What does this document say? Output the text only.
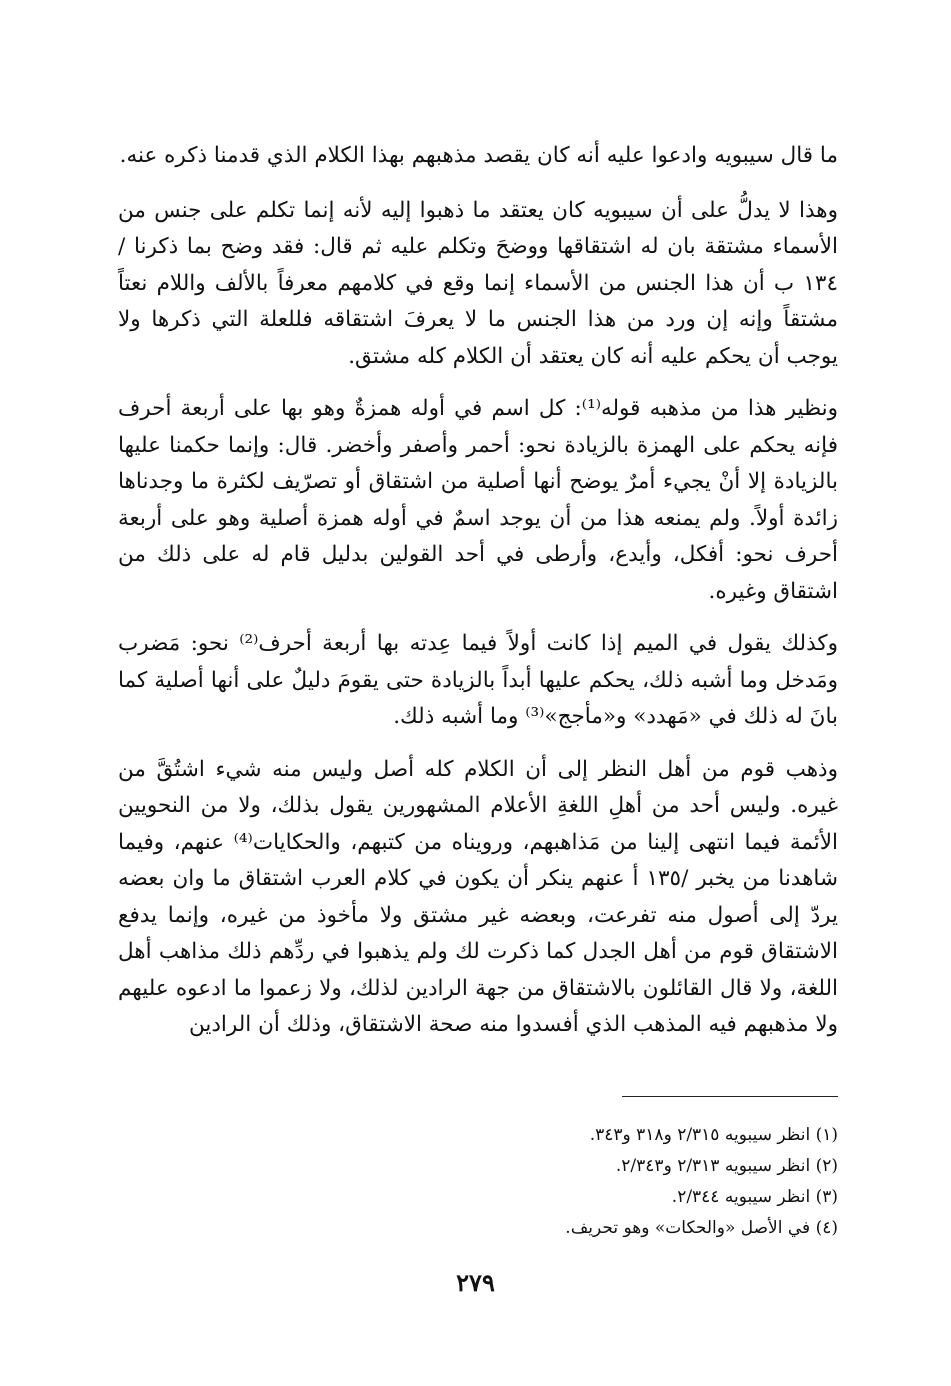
ما قال سيبويه وادعوا عليه أنه كان يقصد مذهبهم بهذا الكلام الذي قدمنا ذكره عنه.

وهذا لا يدلُّ على أن سيبويه كان يعتقد ما ذهبوا إليه لأنه إنما تكلم على جنس من الأسماء مشتقة بان له اشتقاقها ووضحَ وتكلم عليه ثم قال: فقد وضح بما ذكرنا /١٣٤ ب أن هذا الجنس من الأسماء إنما وقع في كلامهم معرفاً بالألف واللام نعتاً مشتقاً وإنه إن ورد من هذا الجنس ما لا يعرفَ اشتقاقه فللعلة التي ذكرها ولا يوجب أن يحكم عليه أنه كان يعتقد أن الكلام كله مشتق.

ونظير هذا من مذهبه قوله⁽¹⁾: كل اسم في أوله همزةٌ وهو بها على أربعة أحرف فإنه يحكم على الهمزة بالزيادة نحو: أحمر وأصفر وأخضر. قال: وإنما حكمنا عليها بالزيادة إلا أنْ يجيء أمرٌ يوضح أنها أصلية من اشتقاق أو تصرّيف لكثرة ما وجدناها زائدة أولاً. ولم يمنعه هذا من أن يوجد اسمٌ في أوله همزة أصلية وهو على أربعة أحرف نحو: أفكل، وأيدع، وأرطى في أحد القولين بدليل قام له على ذلك من اشتقاق وغيره.

وكذلك يقول في الميم إذا كانت أولاً فيما عِدته بها أربعة أحرف⁽²⁾ نحو: مَضرب ومَدخل وما أشبه ذلك، يحكم عليها أبداً بالزيادة حتى يقومَ دليلٌ على أنها أصلية كما بانَ له ذلك في «مَهدد» و«مأجج»⁽³⁾ وما أشبه ذلك.

وذهب قوم من أهل النظر إلى أن الكلام كله أصل وليس منه شيء اشتُقَّ من غيره. وليس أحد من أهلِ اللغةِ الأعلام المشهورين يقول بذلك، ولا من النحويين الأئمة فيما انتهى إلينا من مَذاهبهم، ورويناه من كتبهم، والحكايات⁽⁴⁾ عنهم، وفيما شاهدنا من يخبر /١٣٥ أ عنهم ينكر أن يكون في كلام العرب اشتقاق ما وان بعضه يردّ إلى أصول منه تفرعت، وبعضه غير مشتق ولا مأخوذ من غيره، وإنما يدفع الاشتقاق قوم من أهل الجدل كما ذكرت لك ولم يذهبوا في ردِّهم ذلك مذاهب أهل اللغة، ولا قال القائلون بالاشتقاق من جهة الرادين لذلك، ولا زعموا ما ادعوه عليهم ولا مذهبهم فيه المذهب الذي أفسدوا منه صحة الاشتقاق، وذلك أن الرادين

(١) انظر سيبويه ٢/٣١٥ و٣١٨ و٣٤٣.

(٢) انظر سيبويه ٢/٣١٣ و٢/٣٤٣.

(٣) انظر سيبويه ٢/٣٤٤.

(٤) في الأصل «والحكات» وهو تحريف.

٢٧٩
